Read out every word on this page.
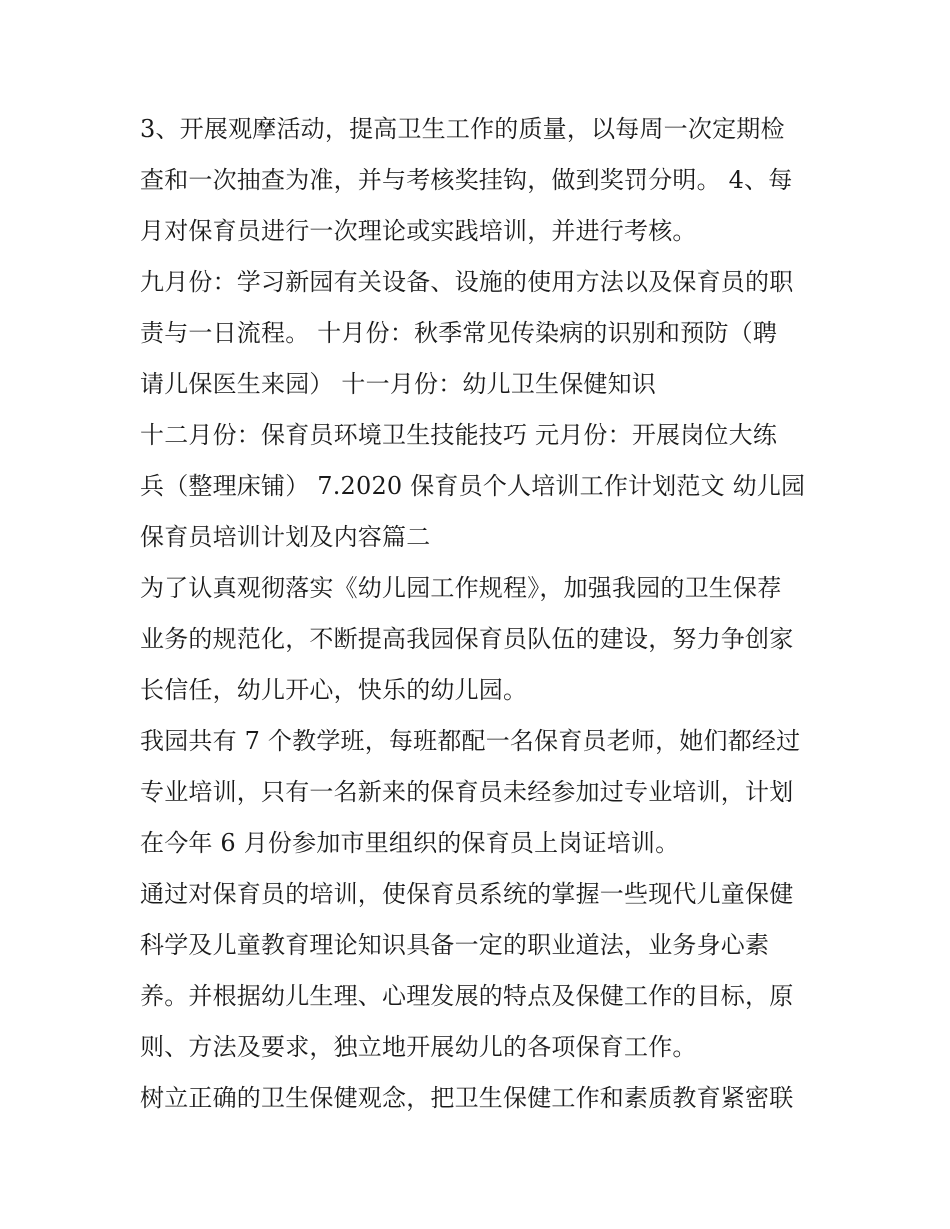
3、开展观摩活动，提高卫生工作的质量，以每周一次定期检
查和一次抽查为准，并与考核奖挂钩，做到奖罚分明。 4、每
月对保育员进行一次理论或实践培训，并进行考核。
九月份：学习新园有关设备、设施的使用方法以及保育员的职
责与一日流程。 十月份：秋季常见传染病的识别和预防（聘
请儿保医生来园） 十一月份：幼儿卫生保健知识
十二月份：保育员环境卫生技能技巧 元月份：开展岗位大练
兵（整理床铺） 7.2020 保育员个人培训工作计划范文 幼儿园
保育员培训计划及内容篇二
为了认真观彻落实《幼儿园工作规程》，加强我园的卫生保荐
业务的规范化，不断提高我园保育员队伍的建设，努力争创家
长信任，幼儿开心，快乐的幼儿园。
我园共有 7 个教学班，每班都配一名保育员老师，她们都经过
专业培训，只有一名新来的保育员未经参加过专业培训，计划
在今年 6 月份参加市里组织的保育员上岗证培训。
通过对保育员的培训，使保育员系统的掌握一些现代儿童保健
科学及儿童教育理论知识具备一定的职业道法，业务身心素
养。并根据幼儿生理、心理发展的特点及保健工作的目标，原
则、方法及要求，独立地开展幼儿的各项保育工作。
树立正确的卫生保健观念，把卫生保健工作和素质教育紧密联
